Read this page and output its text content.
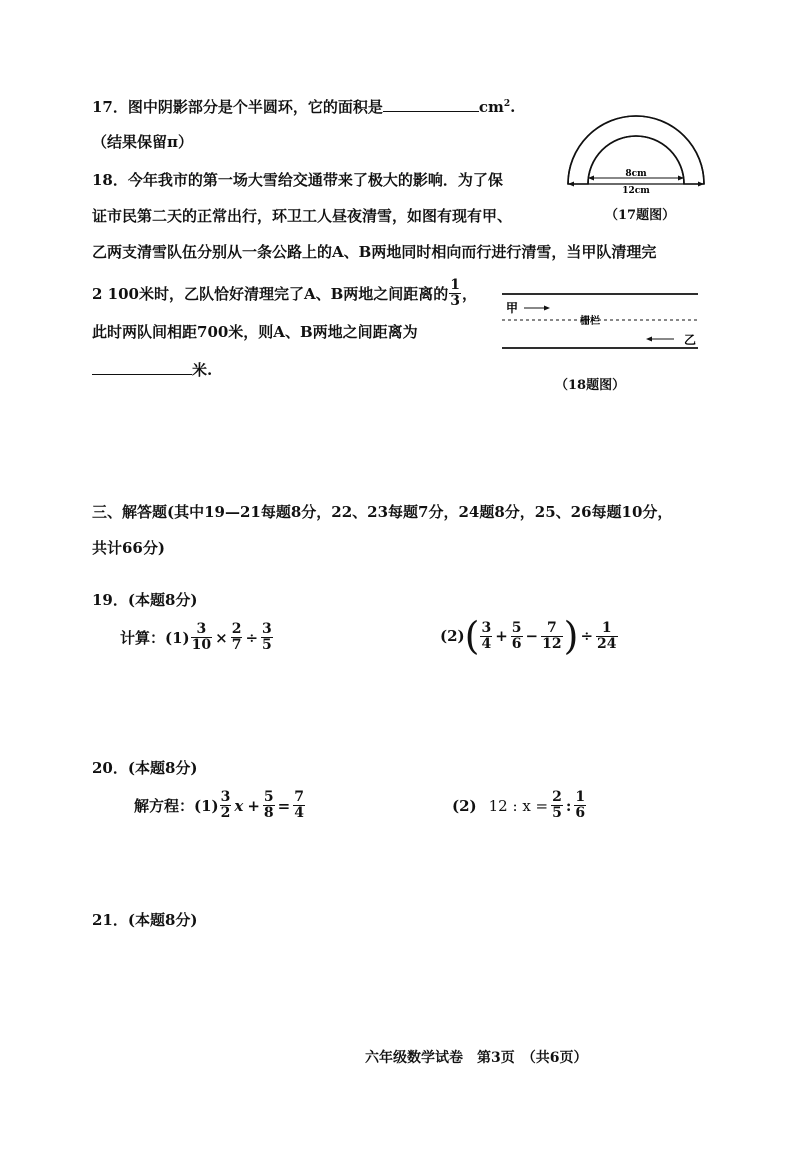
17．图中阴影部分是个半圆环，它的面积是	$cm^2$.
（结果保留π）
8cm
12cm
（17题图）
18．今年我市的第一场大雪给交通带来了极大的影响．为了保
证市民第二天的正常出行，环卫工人昼夜清雪，如图有现有甲、
乙两支清雪队伍分别从一条公路上的A、B两地同时相向而行进行清雪，当甲队清理完
2 100米时，乙队恰好清理完了A、B两地之间距离的 $\frac{1}{3}$ ，
此时两队间相距700米，则A、B两地之间距离为
米.
甲
栅栏
乙
（18题图）
三、解答题(其中19—21每题8分，22、23每题7分，24题8分，25、26每题10分，
共计66分)
19．(本题8分)
计算：$(1) \frac{3}{10} \times \frac{2}{7} \div \frac{3}{5}$	(2) ( $\frac{3}{4} + \frac{5}{6} - \frac{7}{12}$ ) ÷ $\frac{1}{24}$
20．(本题8分)
解方程：$(1) \frac{3}{2}$ $x + \frac{5}{8} = \frac{7}{4}$	(2) 12 : $x = \frac{2}{5}$ : $\frac{1}{6}$
21．(本题8分)
六年级数学试卷　第3页　（共6页）
